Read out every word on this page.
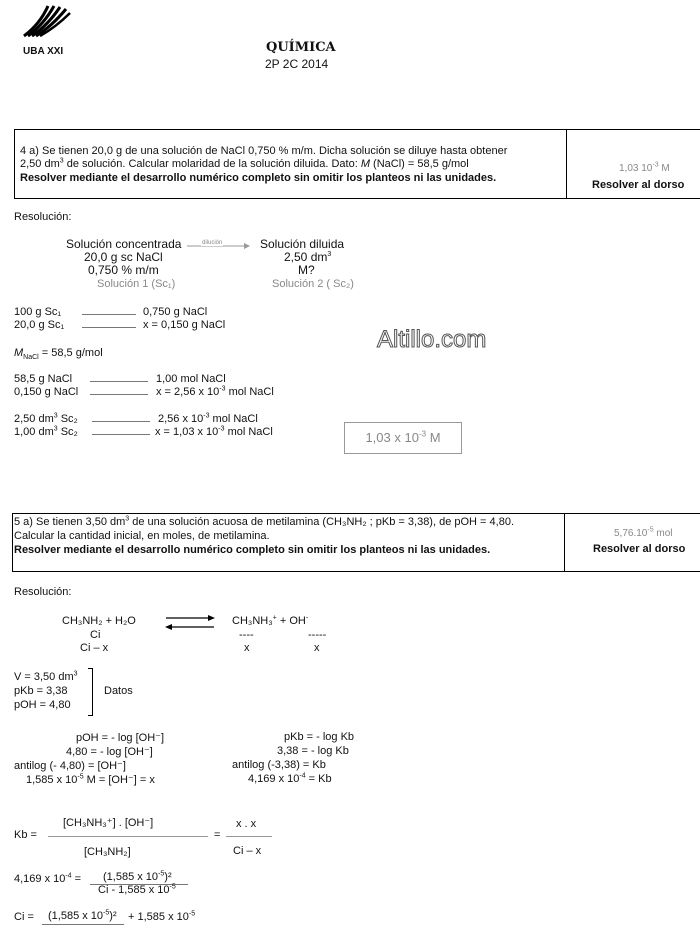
UBA XXI	QUÍMICA
2P 2C 2014
4 a) Se tienen 20,0 g de una solución de NaCl 0,750 % m/m. Dicha solución se diluye hasta obtener
2,50 $dm^3$ de solución. Calcular molaridad de la solución diluida. Dato: M (NaCl) = 58,5 g/mol
Resolver mediante el desarrollo numérico completo sin omitir los planteos ni las unidades.
1,03 $10^{-3}$ M
Resolver al dorso
Resolución:
Solución concentrada
20,0 g sc NaCl
0,750 % m/m
Solución 1 (Sc₁)
dilución	Solución diluida
2,50 $dm^3$
M?
Solución 2 ( Sc₂)
100 g Sc₁	0,750 g NaCl
20,0 g Sc₁	x = 0,150 g NaCl
$M_{NaCl} = 58,5$ g/mol	Altillo.com
58,5 g NaCl	1,00 mol NaCl
0,150 g NaCl	x = 2,56 x $10^{-3}$ mol NaCl
2,50 $dm^3$ Sc₂	2,56 x $10^{-3}$ mol NaCl
1,00 $dm^3$ Sc₂	x = 1,03 x $10^{-3}$ mol NaCl	1,03 x $10^{-3}$ M
5 a) Se tienen 3,50 $dm^3$ de una solución acuosa de metilamina (CH₃NH₂ ; pKb = 3,38), de pOH = 4,80.
Calcular la cantidad inicial, en moles, de metilamina.
Resolver mediante el desarrollo numérico completo sin omitir los planteos ni las unidades.
$5,76.10^{-5}$ mol
Resolver al dorso
Resolución:
CH₃NH₂ + H₂O	CH₃NH₃+ + OH-
Ci
Ci – x
----	-----
x	x
V = 3,50 $dm^3$
pKb = 3,38
pOH = 4,80
Datos
pOH = - log [OH⁻]
4,80 = - log [OH⁻]
antilog (- 4,80) = [OH⁻]
1,585 x $10^{-5}$ M = [OH⁻] = x
pKb = - log Kb
3,38 = - log Kb
antilog (-3,38) = Kb
4,169 x $10^{-4} = Kb$
Kb =
[CH₃NH₃⁺] . [OH⁻]
[CH₃NH₂]
=
x . x
Ci – x
4,169 x $10^{-4} = (1,585$ x $10^{-5})^2$
Ci - 1,585 x $10^{-5}$
Ci = (1,585 x $10^{-5})^2 + 1,585$ x $10^{-5}$
